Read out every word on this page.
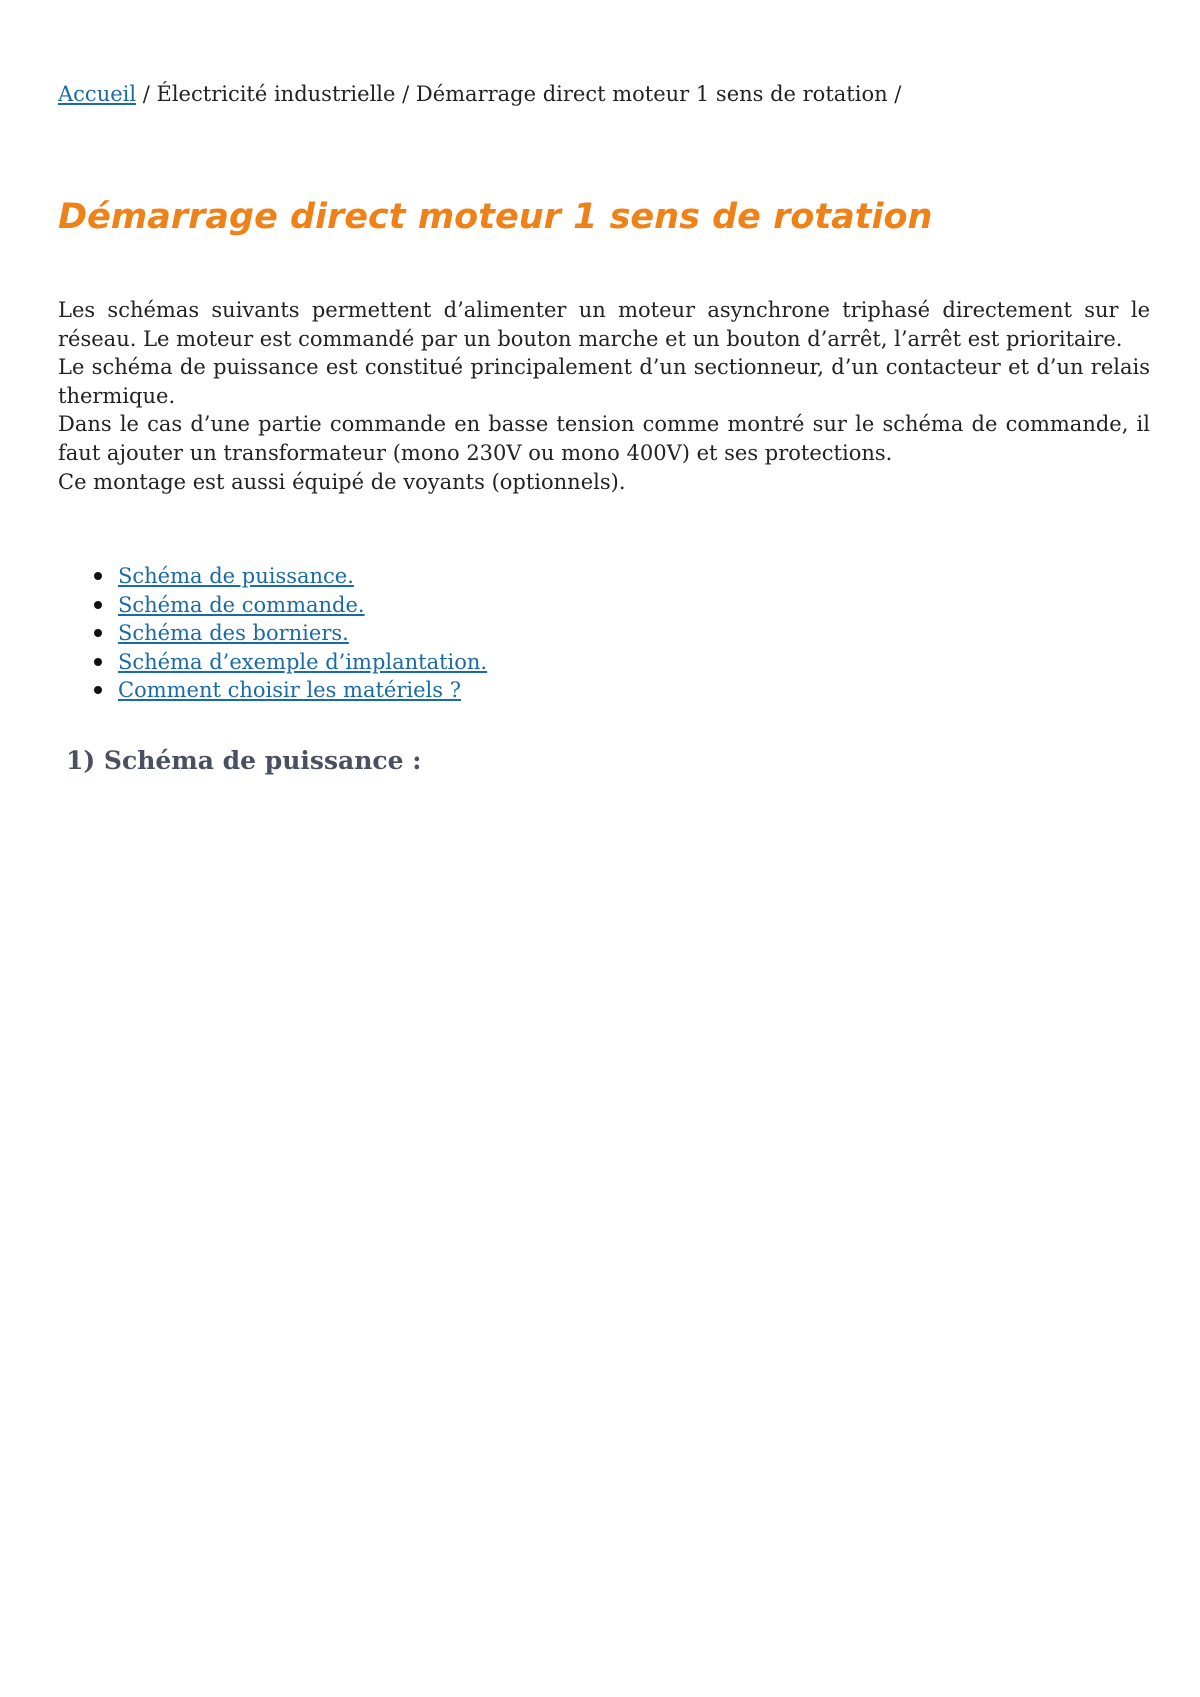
Accueil / Électricité industrielle / Démarrage direct moteur 1 sens de rotation /
Démarrage direct moteur 1 sens de rotation

Les schémas suivants permettent d’alimenter un moteur asynchrone triphasé directement sur le réseau. Le moteur est commandé par un bouton marche et un bouton d’arrêt, l’arrêt est prioritaire.

Le schéma de puissance est constitué principalement d’un sectionneur, d’un contacteur et d’un relais thermique.

Dans le cas d’une partie commande en basse tension comme montré sur le schéma de commande, il faut ajouter un transformateur (mono 230V ou mono 400V) et ses protections.

Ce montage est aussi équipé de voyants (optionnels).

Schéma de puissance.
Schéma de commande.
Schéma des borniers.
Schéma d’exemple d’implantation.
Comment choisir les matériels ?
1) Schéma de puissance :
